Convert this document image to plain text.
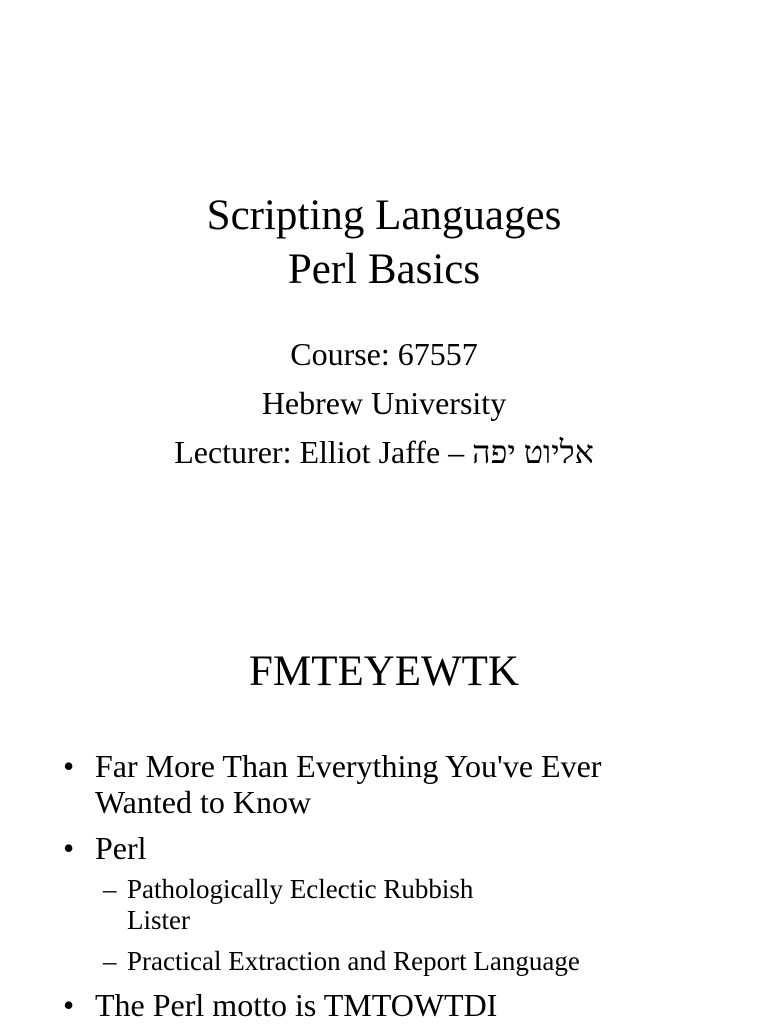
Scripting Languages
Perl Basics
Course: 67557
Hebrew University
Lecturer: Elliot Jaffe – אליוט יפה
FMTEYEWTK
• Far More Than Everything You've Ever
Wanted to Know
• Perl
– Pathologically Eclectic Rubbish
Lister
– Practical Extraction and Report Language
• The Perl motto is TMTOWTDI
